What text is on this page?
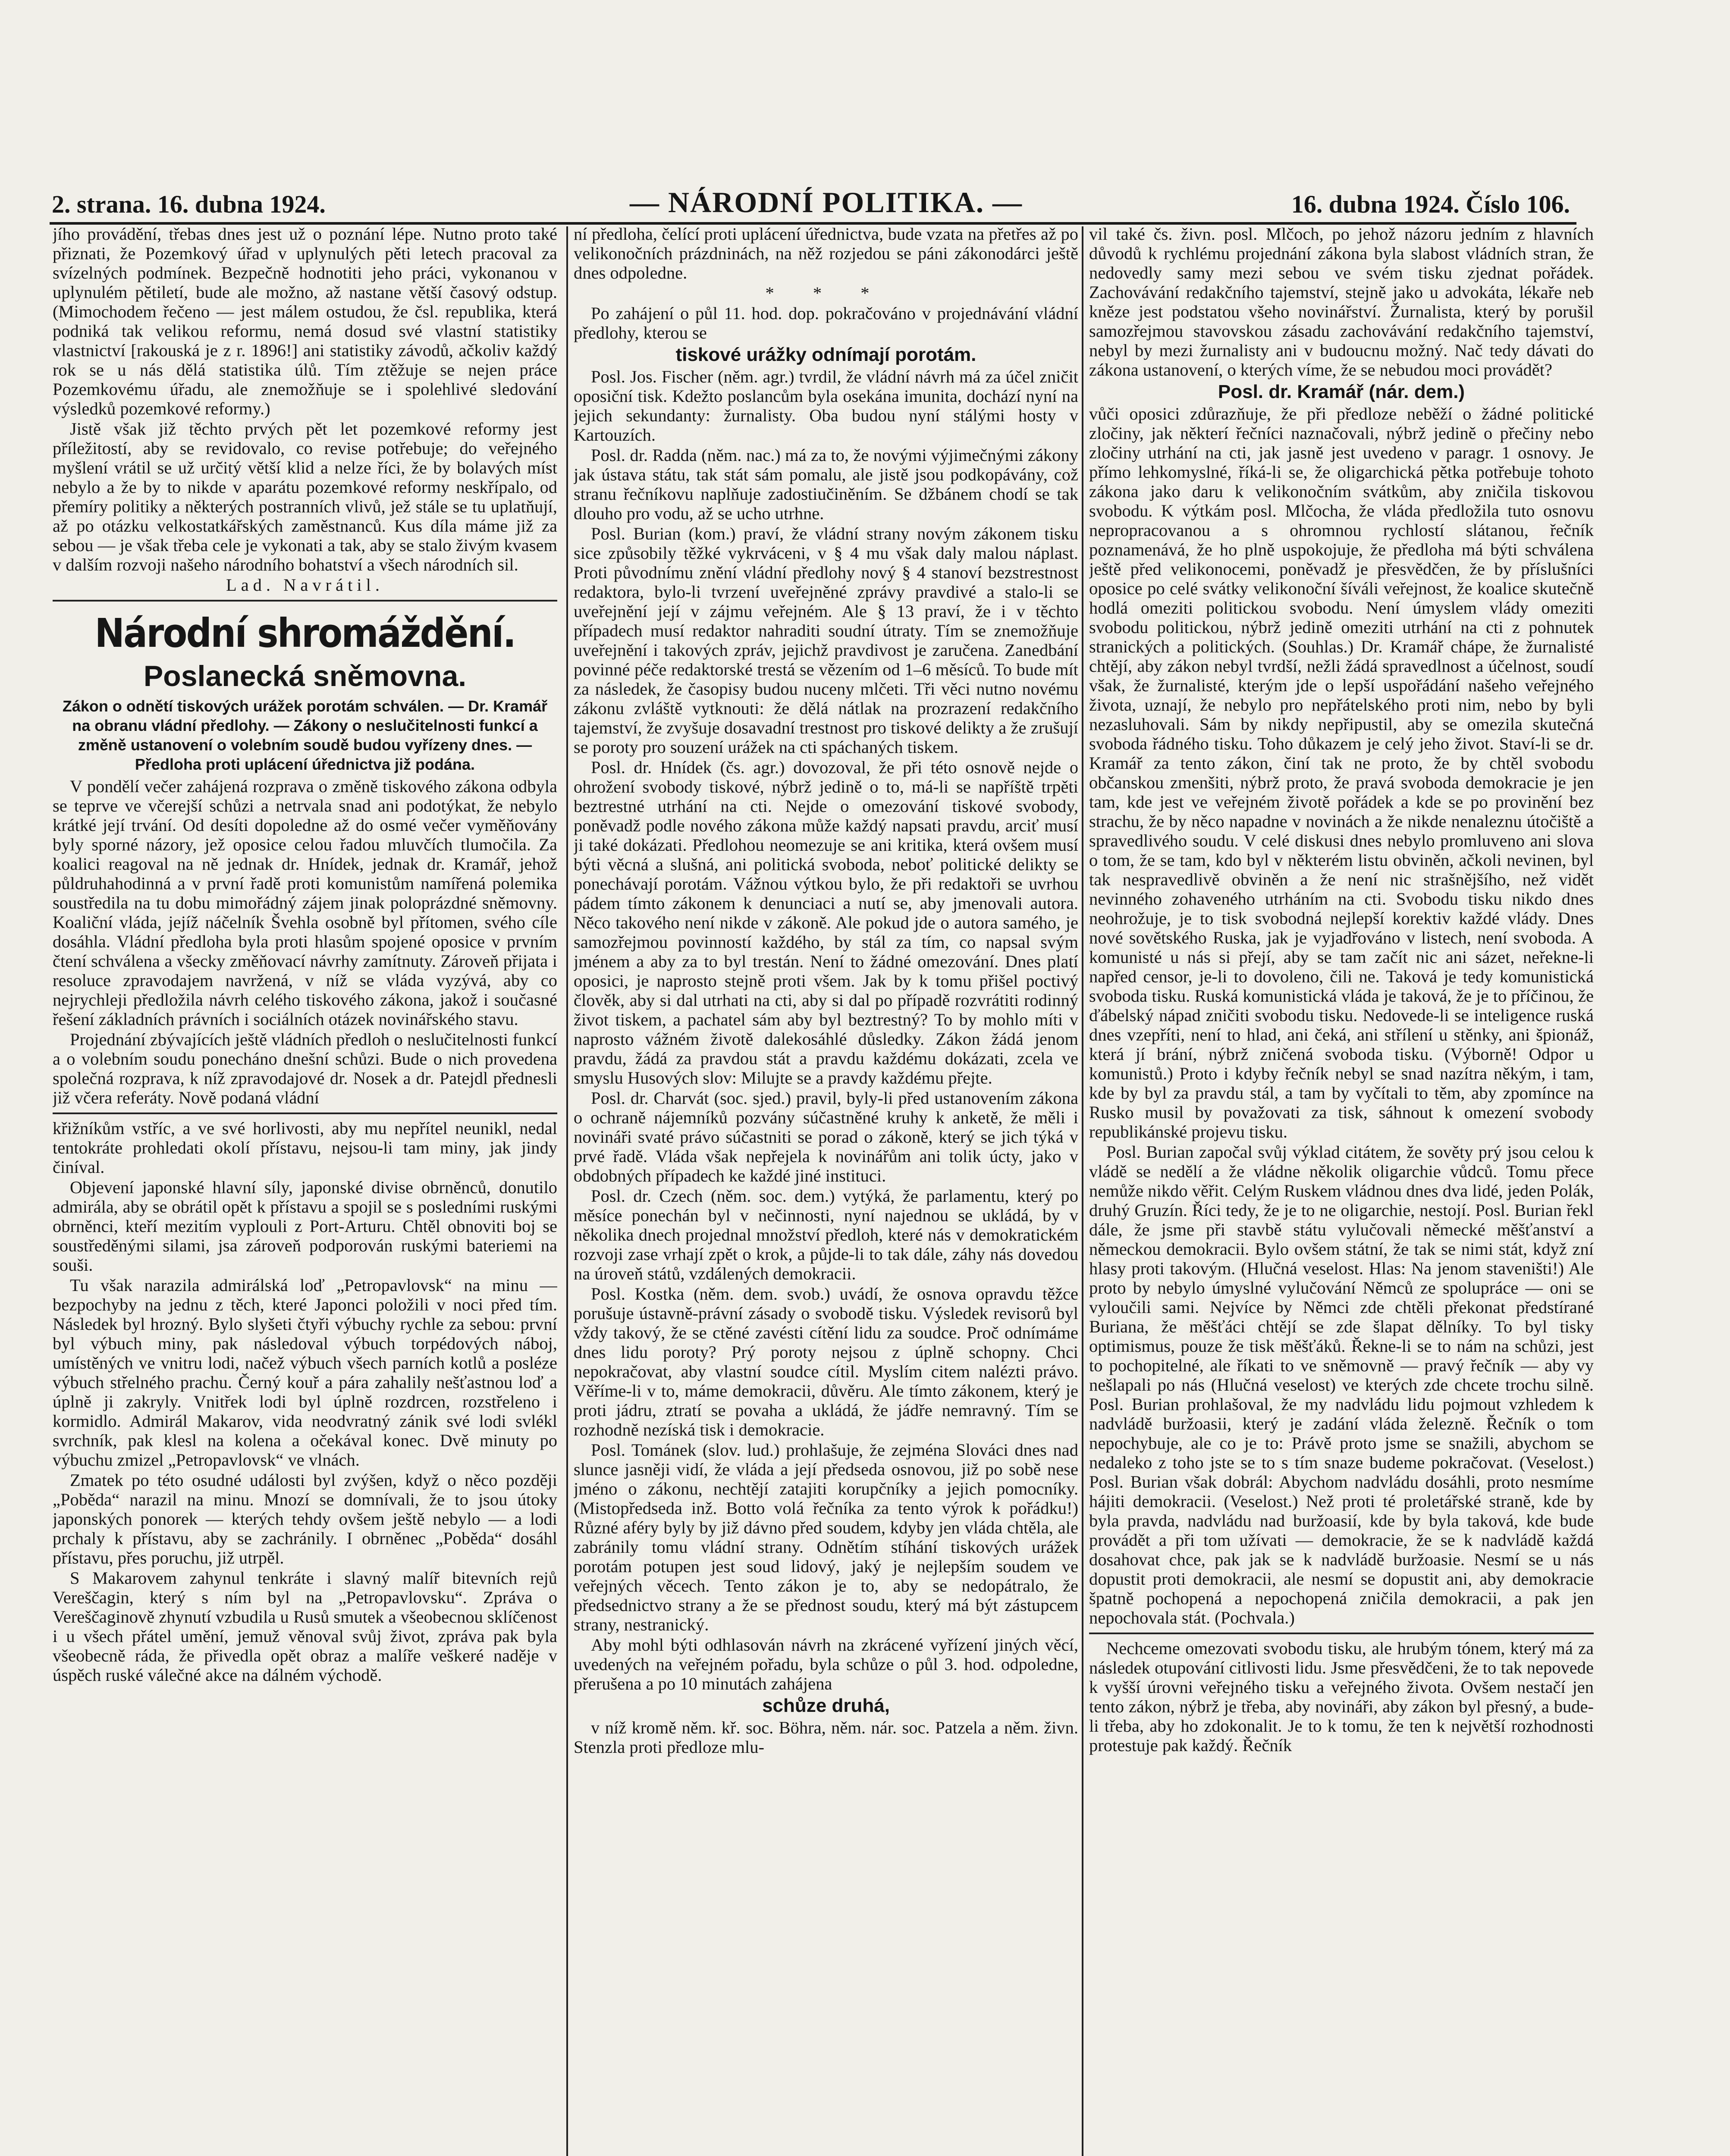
2. strana. 16. dubna 1924.	— NÁRODNÍ POLITIKA. —	16. dubna 1924. Číslo 106.

jího provádění, třebas dnes jest už o poznání lépe. Nutno proto také přiznati, že Pozemkový úřad v uplynulých pěti letech pracoval za svízelných podmínek. Bezpečně hodnotiti jeho práci, vykonanou v uplynulém pětiletí, bude ale možno, až nastane větší časový odstup. (Mimochodem řečeno — jest málem ostudou, že čsl. republika, která podniká tak velikou reformu, nemá dosud své vlastní statistiky vlastnictví [rakouská je z r. 1896!] ani statistiky závodů, ačkoliv každý rok se u nás dělá statistika úlů. Tím ztěžuje se nejen práce Pozemkovému úřadu, ale znemožňuje se i spolehlivé sledování výsledků pozemkové reformy.)

Jistě však již těchto prvých pět let pozemkové reformy jest příležitostí, aby se revidovalo, co revise potřebuje; do veřejného myšlení vrátil se už určitý větší klid a nelze říci, že by bolavých míst nebylo a že by to nikde v aparátu pozemkové reformy neskřípalo, od přemíry politiky a některých postranních vlivů, jež stále se tu uplatňují, až po otázku velkostatkářských zaměstnanců. Kus díla máme již za sebou — je však třeba cele je vykonati a tak, aby se stalo živým kvasem v dalším rozvoji našeho národního bohatství a všech národních sil.

Lad. Navrátil.

Národní shromáždění.
Poslanecká sněmovna.
Zákon o odnětí tiskových urážek porotám schválen. — Dr. Kramář na obranu vládní předlohy. — Zákony o neslučitelnosti funkcí a změně ustanovení o volebním soudě budou vyřízeny dnes. — Předloha proti uplácení úřednictva již podána.

V pondělí večer zahájená rozprava o změně tiskového zákona odbyla se teprve ve včerejší schůzi a netrvala snad ani podotýkat, že nebylo krátké její trvání. Od desíti dopoledne až do osmé večer vyměňovány byly sporné názory, jež oposice celou řadou mluvčích tlumočila. Za koalici reagoval na ně jednak dr. Hnídek, jednak dr. Kramář, jehož půldruhahodinná a v první řadě proti komunistům namířená polemika soustředila na tu dobu mimořádný zájem jinak poloprázdné sněmovny. Koaliční vláda, jejíž náčelník Švehla osobně byl přítomen, svého cíle dosáhla. Vládní předloha byla proti hlasům spojené oposice v prvním čtení schválena a všecky změňovací návrhy zamítnuty. Zároveň přijata i resoluce zpravodajem navržená, v níž se vláda vyzývá, aby co nejrychleji předložila návrh celého tiskového zákona, jakož i současné řešení základních právních i sociálních otázek novinářského stavu.

Projednání zbývajících ještě vládních předloh o neslučitelnosti funkcí a o volebním soudu ponecháno dnešní schůzi. Bude o nich provedena společná rozprava, k níž zpravodajové dr. Nosek a dr. Patejdl přednesli již včera referáty. Nově podaná vládní

křižníkům vstříc, a ve své horlivosti, aby mu nepřítel neunikl, nedal tentokráte prohledati okolí přístavu, nejsou-li tam miny, jak jindy činíval.

Objevení japonské hlavní síly, japonské divise obrněnců, donutilo admirála, aby se obrátil opět k přístavu a spojil se s posledními ruskými obrněnci, kteří mezitím vyplouli z Port-Arturu. Chtěl obnoviti boj se soustředěnými silami, jsa zároveň podporován ruskými bateriemi na souši.

Tu však narazila admirálská loď „Petropavlovsk“ na minu — bezpochyby na jednu z těch, které Japonci položili v noci před tím. Následek byl hrozný. Bylo slyšeti čtyři výbuchy rychle za sebou: první byl výbuch miny, pak následoval výbuch torpédových náboj, umístěných ve vnitru lodi, načež výbuch všech parních kotlů a posléze výbuch střelného prachu. Černý kouř a pára zahalily nešťastnou loď a úplně ji zakryly. Vnitřek lodi byl úplně rozdrcen, rozstřeleno i kormidlo. Admirál Makarov, vida neodvratný zánik své lodi svlékl svrchník, pak klesl na kolena a očekával konec. Dvě minuty po výbuchu zmizel „Petropavlovsk“ ve vlnách.

Zmatek po této osudné události byl zvýšen, když o něco později „Poběda“ narazil na minu. Mnozí se domnívali, že to jsou útoky japonských ponorek — kterých tehdy ovšem ještě nebylo — a lodi prchaly k přístavu, aby se zachránily. I obrněnec „Poběda“ dosáhl přístavu, přes poruchu, již utrpěl.

S Makarovem zahynul tenkráte i slavný malíř bitevních rejů Vereščagin, který s ním byl na „Petropavlovsku“. Zpráva o Vereščaginově zhynutí vzbudila u Rusů smutek a všeobecnou sklíčenost i u všech přátel umění, jemuž věnoval svůj život, zpráva pak byla všeobecně ráda, že přivedla opět obraz a malíře veškeré naděje v úspěch ruské válečné akce na dálném východě.

ní předloha, čelící proti uplácení úřednictva, bude vzata na přetřes až po velikonočních prázdninách, na něž rozjedou se páni zákonodárci ještě dnes odpoledne.

* * *

Po zahájení o půl 11. hod. dop. pokračováno v projednávání vládní předlohy, kterou se

tiskové urážky odnímají porotám.

Posl. Jos. Fischer (něm. agr.) tvrdil, že vládní návrh má za účel zničit oposiční tisk. Kdežto poslancům byla osekána imunita, dochází nyní na jejich sekundanty: žurnalisty. Oba budou nyní stálými hosty v Kartouzích.

Posl. dr. Radda (něm. nac.) má za to, že novými výjimečnými zákony jak ústava státu, tak stát sám pomalu, ale jistě jsou podkopávány, což stranu řečníkovu naplňuje zadostiučiněním. Se džbánem chodí se tak dlouho pro vodu, až se ucho utrhne.

Posl. Burian (kom.) praví, že vládní strany novým zákonem tisku sice způsobily těžké vykrváceni, v § 4 mu však daly malou náplast. Proti původnímu znění vládní předlohy nový § 4 stanoví bezstrestnost redaktora, bylo-li tvrzení uveřejněné zprávy pravdivé a stalo-li se uveřejnění její v zájmu veřejném. Ale § 13 praví, že i v těchto případech musí redaktor nahraditi soudní útraty. Tím se znemožňuje uveřejnění i takových zpráv, jejichž pravdivost je zaručena. Zanedbání povinné péče redaktorské trestá se vězením od 1–6 měsíců. To bude mít za následek, že časopisy budou nuceny mlčeti. Tři věci nutno novému zákonu zvláště vytknouti: že dělá nátlak na prozrazení redakčního tajemství, že zvyšuje dosavadní trestnost pro tiskové delikty a že zrušují se poroty pro souzení urážek na cti spáchaných tiskem.

Posl. dr. Hnídek (čs. agr.) dovozoval, že při této osnově nejde o ohrožení svobody tiskové, nýbrž jedině o to, má-li se napříště trpěti beztrestné utrhání na cti. Nejde o omezování tiskové svobody, poněvadž podle nového zákona může každý napsati pravdu, arciť musí ji také dokázati. Předlohou neomezuje se ani kritika, která ovšem musí býti věcná a slušná, ani politická svoboda, neboť politické delikty se ponechávají porotám. Vážnou výtkou bylo, že při redaktoři se uvrhou pádem tímto zákonem k denunciaci a nutí se, aby jmenovali autora. Něco takového není nikde v zákoně. Ale pokud jde o autora samého, je samozřejmou povinností každého, by stál za tím, co napsal svým jménem a aby za to byl trestán. Není to žádné omezování. Dnes platí oposici, je naprosto stejně proti všem. Jak by k tomu přišel poctivý člověk, aby si dal utrhati na cti, aby si dal po případě rozvrátiti rodinný život tiskem, a pachatel sám aby byl beztrestný? To by mohlo míti v naprosto vážném životě dalekosáhlé důsledky. Zákon žádá jenom pravdu, žádá za pravdou stát a pravdu každému dokázati, zcela ve smyslu Husových slov: Milujte se a pravdy každému přejte.

Posl. dr. Charvát (soc. sjed.) pravil, byly-li před ustanovením zákona o ochraně nájemníků pozvány súčastněné kruhy k anketě, že měli i novináři svaté právo súčastniti se porad o zákoně, který se jich týká v prvé řadě. Vláda však nepřejela k novinářům ani tolik úcty, jako v obdobných případech ke každé jiné instituci.

Posl. dr. Czech (něm. soc. dem.) vytýká, že parlamentu, který po měsíce ponechán byl v nečinnosti, nyní najednou se ukládá, by v několika dnech projednal množství předloh, které nás v demokratickém rozvoji zase vrhají zpět o krok, a půjde-li to tak dále, záhy nás dovedou na úroveň států, vzdálených demokracii.

Posl. Kostka (něm. dem. svob.) uvádí, že osnova opravdu těžce porušuje ústavně-právní zásady o svobodě tisku. Výsledek revisorů byl vždy takový, že se ctěné zavésti cítění lidu za soudce. Proč odnímáme dnes lidu poroty? Prý poroty nejsou z úplně schopny. Chci nepokračovat, aby vlastní soudce cítil. Myslím citem nalézti právo. Věříme-li v to, máme demokracii, důvěru. Ale tímto zákonem, který je proti jádru, ztratí se povaha a ukládá, že jádře nemravný. Tím se rozhodně nezíská tisk i demokracie.

Posl. Tománek (slov. lud.) prohlašuje, že zejména Slováci dnes nad slunce jasněji vidí, že vláda a její předseda osnovou, již po sobě nese jméno o zákonu, nechtějí zatajiti korupčníky a jejich pomocníky. (Mistopředseda inž. Botto volá řečníka za tento výrok k pořádku!) Různé aféry byly by již dávno před soudem, kdyby jen vláda chtěla, ale zabránily tomu vládní strany. Odnětím stíhání tiskových urážek porotám potupen jest soud lidový, jaký je nejlepším soudem ve veřejných věcech. Tento zákon je to, aby se nedopátralo, že předsednictvo strany a že se přednost soudu, který má být zástupcem strany, nestranický.

Aby mohl býti odhlasován návrh na zkrácené vyřízení jiných věcí, uvedených na veřejném pořadu, byla schůze o půl 3. hod. odpoledne, přerušena a po 10 minutách zahájena

schůze druhá,

v níž kromě něm. kř. soc. Böhra, něm. nár. soc. Patzela a něm. živn. Stenzla proti předloze mlu-

vil také čs. živn. posl. Mlčoch, po jehož názoru jedním z hlavních důvodů k rychlému projednání zákona byla slabost vládních stran, že nedovedly samy mezi sebou ve svém tisku zjednat pořádek. Zachovávání redakčního tajemství, stejně jako u advokáta, lékaře neb kněze jest podstatou všeho novinářství. Žurnalista, který by porušil samozřejmou stavovskou zásadu zachovávání redakčního tajemství, nebyl by mezi žurnalisty ani v budoucnu možný. Nač tedy dávati do zákona ustanovení, o kterých víme, že se nebudou moci provádět?

Posl. dr. Kramář (nár. dem.)

vůči oposici zdůrazňuje, že při předloze neběží o žádné politické zločiny, jak některí řečníci naznačovali, nýbrž jedině o přečiny nebo zločiny utrhání na cti, jak jasně jest uvedeno v paragr. 1 osnovy. Je přímo lehkomyslné, říká-li se, že oligarchická pětka potřebuje tohoto zákona jako daru k velikonočním svátkům, aby zničila tiskovou svobodu. K výtkám posl. Mlčocha, že vláda předložila tuto osnovu nepropracovanou a s ohromnou rychlostí slátanou, řečník poznamenává, že ho plně uspokojuje, že předloha má býti schválena ještě před velikonocemi, poněvadž je přesvědčen, že by příslušníci oposice po celé svátky velikonoční šíváli veřejnost, že koalice skutečně hodlá omeziti politickou svobodu. Není úmyslem vlády omeziti svobodu politickou, nýbrž jedině omeziti utrhání na cti z pohnutek stranických a politických. (Souhlas.) Dr. Kramář chápe, že žurnalisté chtějí, aby zákon nebyl tvrdší, nežli žádá spravedlnost a účelnost, soudí však, že žurnalisté, kterým jde o lepší uspořádání našeho veřejného života, uznají, že nebylo pro nepřátelského proti nim, nebo by byli nezasluhovali. Sám by nikdy nepřipustil, aby se omezila skutečná svoboda řádného tisku. Toho důkazem je celý jeho život. Staví-li se dr. Kramář za tento zákon, činí tak ne proto, že by chtěl svobodu občanskou zmenšiti, nýbrž proto, že pravá svoboda demokracie je jen tam, kde jest ve veřejném životě pořádek a kde se po provinění bez strachu, že by něco napadne v novinách a že nikde nenaleznu útočiště a spravedlivého soudu. V celé diskusi dnes nebylo promluveno ani slova o tom, že se tam, kdo byl v některém listu obviněn, ačkoli nevinen, byl tak nespravedlivě obviněn a že není nic strašnějšího, než vidět nevinného zohaveného utrháním na cti. Svobodu tisku nikdo dnes neohrožuje, je to tisk svobodná nejlepší korektiv každé vlády. Dnes nové sovětského Ruska, jak je vyjadřováno v listech, není svoboda. A komunisté u nás si přejí, aby se tam začít nic ani sázet, neřekne-li napřed censor, je-li to dovoleno, čili ne. Taková je tedy komunistická svoboda tisku. Ruská komunistická vláda je taková, že je to příčinou, že ďábelský nápad zničiti svobodu tisku. Nedovede-li se inteligence ruská dnes vzepříti, není to hlad, ani čeká, ani střílení u stěnky, ani špionáž, která jí brání, nýbrž zničená svoboda tisku. (Výborně! Odpor u komunistů.) Proto i kdyby řečník nebyl se snad nazítra někým, i tam, kde by byl za pravdu stál, a tam by vyčítali to těm, aby zpomínce na Rusko musil by považovati za tisk, sáhnout k omezení svobody republikánské projevu tisku.

Posl. Burian započal svůj výklad citátem, že sověty prý jsou celou k vládě se nedělí a že vládne několik oligarchie vůdců. Tomu přece nemůže nikdo věřit. Celým Ruskem vládnou dnes dva lidé, jeden Polák, druhý Gruzín. Říci tedy, že je to ne oligarchie, nestojí. Posl. Burian řekl dále, že jsme při stavbě státu vylučovali německé měšťanství a německou demokracii. Bylo ovšem státní, že tak se nimi stát, když zní hlasy proti takovým. (Hlučná veselost. Hlas: Na jenom staveništi!) Ale proto by nebylo úmyslné vylučování Němců ze spolupráce — oni se vyloučili sami. Nejvíce by Němci zde chtěli překonat předstírané Buriana, že měšťáci chtějí se zde šlapat dělníky. To byl tisky optimismus, pouze že tisk měšťáků. Řekne-li se to nám na schůzi, jest to pochopitelné, ale říkati to ve sněmovně — pravý řečník — aby vy nešlapali po nás (Hlučná veselost) ve kterých zde chcete trochu silně. Posl. Burian prohlašoval, že my nadvládu lidu pojmout vzhledem k nadvládě buržoasii, který je zadání vláda železně. Řečník o tom nepochybuje, ale co je to: Právě proto jsme se snažili, abychom se nedaleko z toho jste se to s tím snaze budeme pokračovat. (Veselost.) Posl. Burian však dobrál: Abychom nadvládu dosáhli, proto nesmíme hájiti demokracii. (Veselost.) Než proti té proletářské straně, kde by byla pravda, nadvládu nad buržoasií, kde by byla taková, kde bude provádět a při tom užívati — demokracie, že se k nadvládě každá dosahovat chce, pak jak se k nadvládě buržoasie. Nesmí se u nás dopustit proti demokracii, ale nesmí se dopustit ani, aby demokracie špatně pochopená a nepochopená zničila demokracii, a pak jen nepochovala stát. (Pochvala.)

Nechceme omezovati svobodu tisku, ale hrubým tónem, který má za následek otupování citlivosti lidu. Jsme přesvědčeni, že to tak nepovede k vyšší úrovni veřejného tisku a veřejného života. Ovšem nestačí jen tento zákon, nýbrž je třeba, aby novináři, aby zákon byl přesný, a bude-li třeba, aby ho zdokonalit. Je to k tomu, že ten k největší rozhodnosti protestuje pak každý. Řečník
